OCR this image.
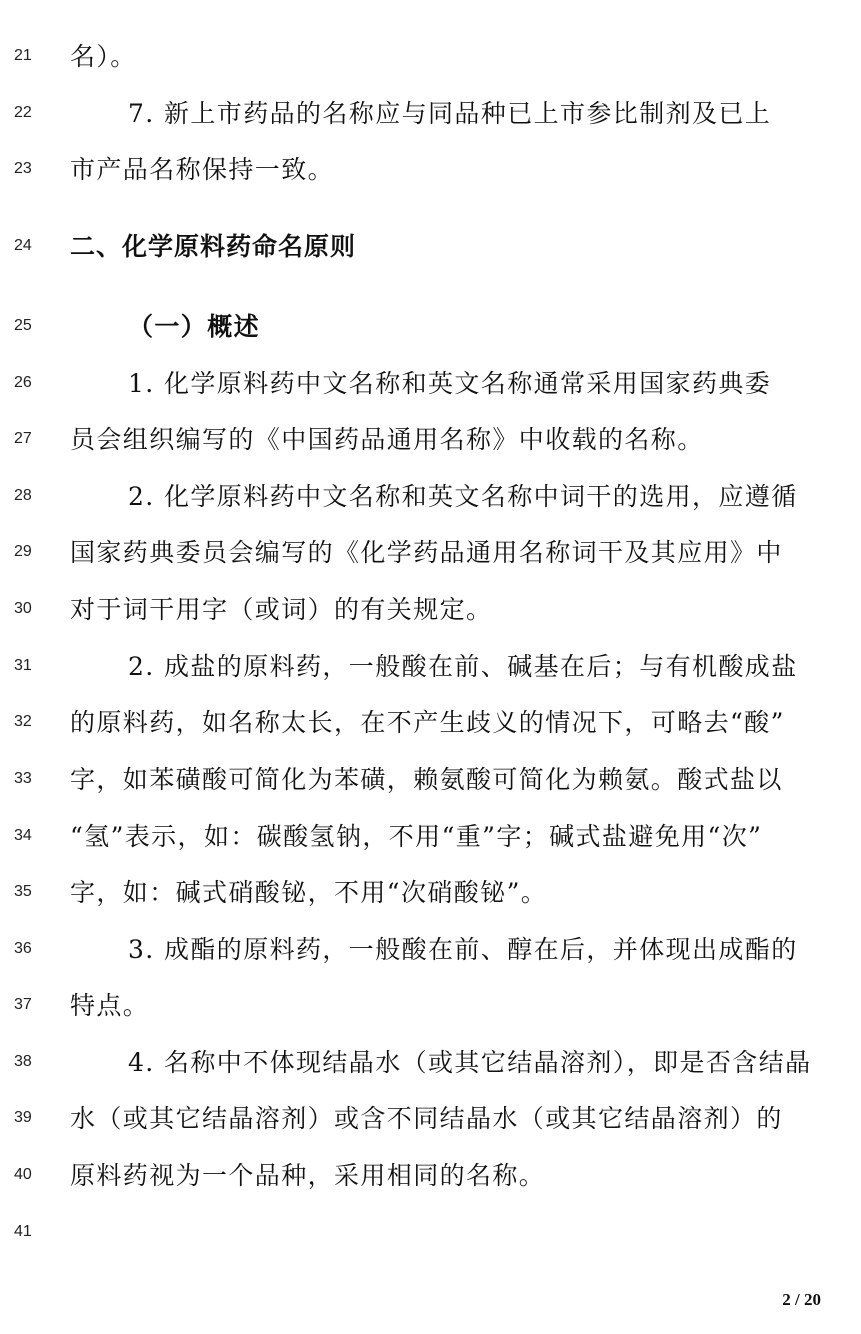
21	名）。
22	7. 新上市药品的名称应与同品种已上市参比制剂及已上
23	市产品名称保持一致。
24	二、化学原料药命名原则
25	（一）概述
26	1. 化学原料药中文名称和英文名称通常采用国家药典委
27	员会组织编写的《中国药品通用名称》中收载的名称。
28	2. 化学原料药中文名称和英文名称中词干的选用，应遵循
29	国家药典委员会编写的《化学药品通用名称词干及其应用》中
30	对于词干用字（或词）的有关规定。
31	2. 成盐的原料药，一般酸在前、碱基在后；与有机酸成盐
32	的原料药，如名称太长，在不产生歧义的情况下，可略去“酸”
33	字，如苯磺酸可简化为苯磺，赖氨酸可简化为赖氨。酸式盐以
34	“氢”表示，如：碳酸氢钠，不用“重”字；碱式盐避免用“次”
35	字，如：碱式硝酸铋，不用“次硝酸铋”。
36	3. 成酯的原料药，一般酸在前、醇在后，并体现出成酯的
37	特点。
38	4. 名称中不体现结晶水（或其它结晶溶剂），即是否含结晶
39	水（或其它结晶溶剂）或含不同结晶水（或其它结晶溶剂）的
40	原料药视为一个品种，采用相同的名称。
41
2 / 20
